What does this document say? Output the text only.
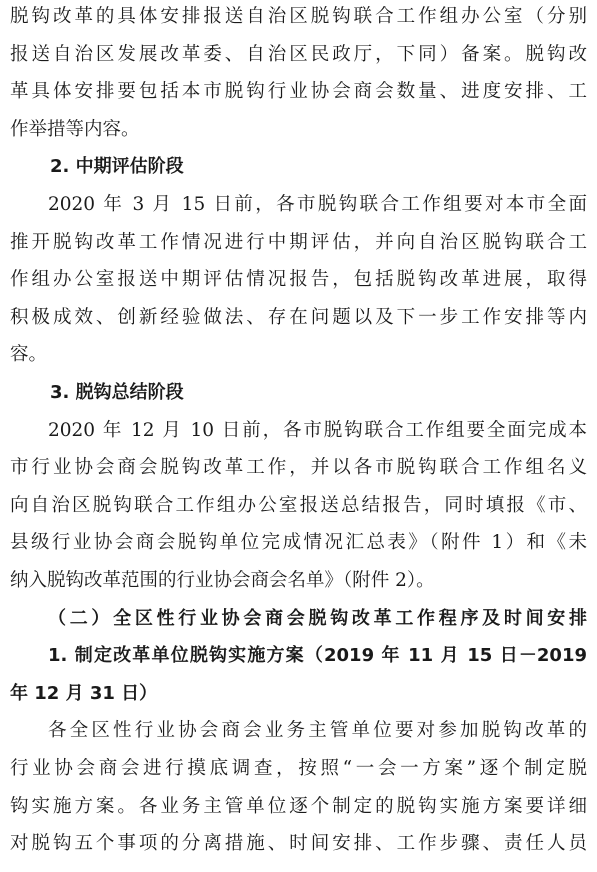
脱钩改革的具体安排报送自治区脱钩联合工作组办公室（分别
报送自治区发展改革委、自治区民政厅，下同）备案。脱钩改
革具体安排要包括本市脱钩行业协会商会数量、进度安排、工
作举措等内容。
2. 中期评估阶段
2020 年 3 月 15 日前，各市脱钩联合工作组要对本市全面
推开脱钩改革工作情况进行中期评估，并向自治区脱钩联合工
作组办公室报送中期评估情况报告，包括脱钩改革进展，取得
积极成效、创新经验做法、存在问题以及下一步工作安排等内
容。
3. 脱钩总结阶段
2020 年 12 月 10 日前，各市脱钩联合工作组要全面完成本
市行业协会商会脱钩改革工作，并以各市脱钩联合工作组名义
向自治区脱钩联合工作组办公室报送总结报告，同时填报《市、
县级行业协会商会脱钩单位完成情况汇总表》（附件 1）和《未
纳入脱钩改革范围的行业协会商会名单》（附件 2）。
（二）全区性行业协会商会脱钩改革工作程序及时间安排
1. 制定改革单位脱钩实施方案（2019 年 11 月 15 日－2019
年 12 月 31 日）
各全区性行业协会商会业务主管单位要对参加脱钩改革的
行业协会商会进行摸底调查，按照“一会一方案”逐个制定脱
钩实施方案。各业务主管单位逐个制定的脱钩实施方案要详细
对脱钩五个事项的分离措施、时间安排、工作步骤、责任人员
